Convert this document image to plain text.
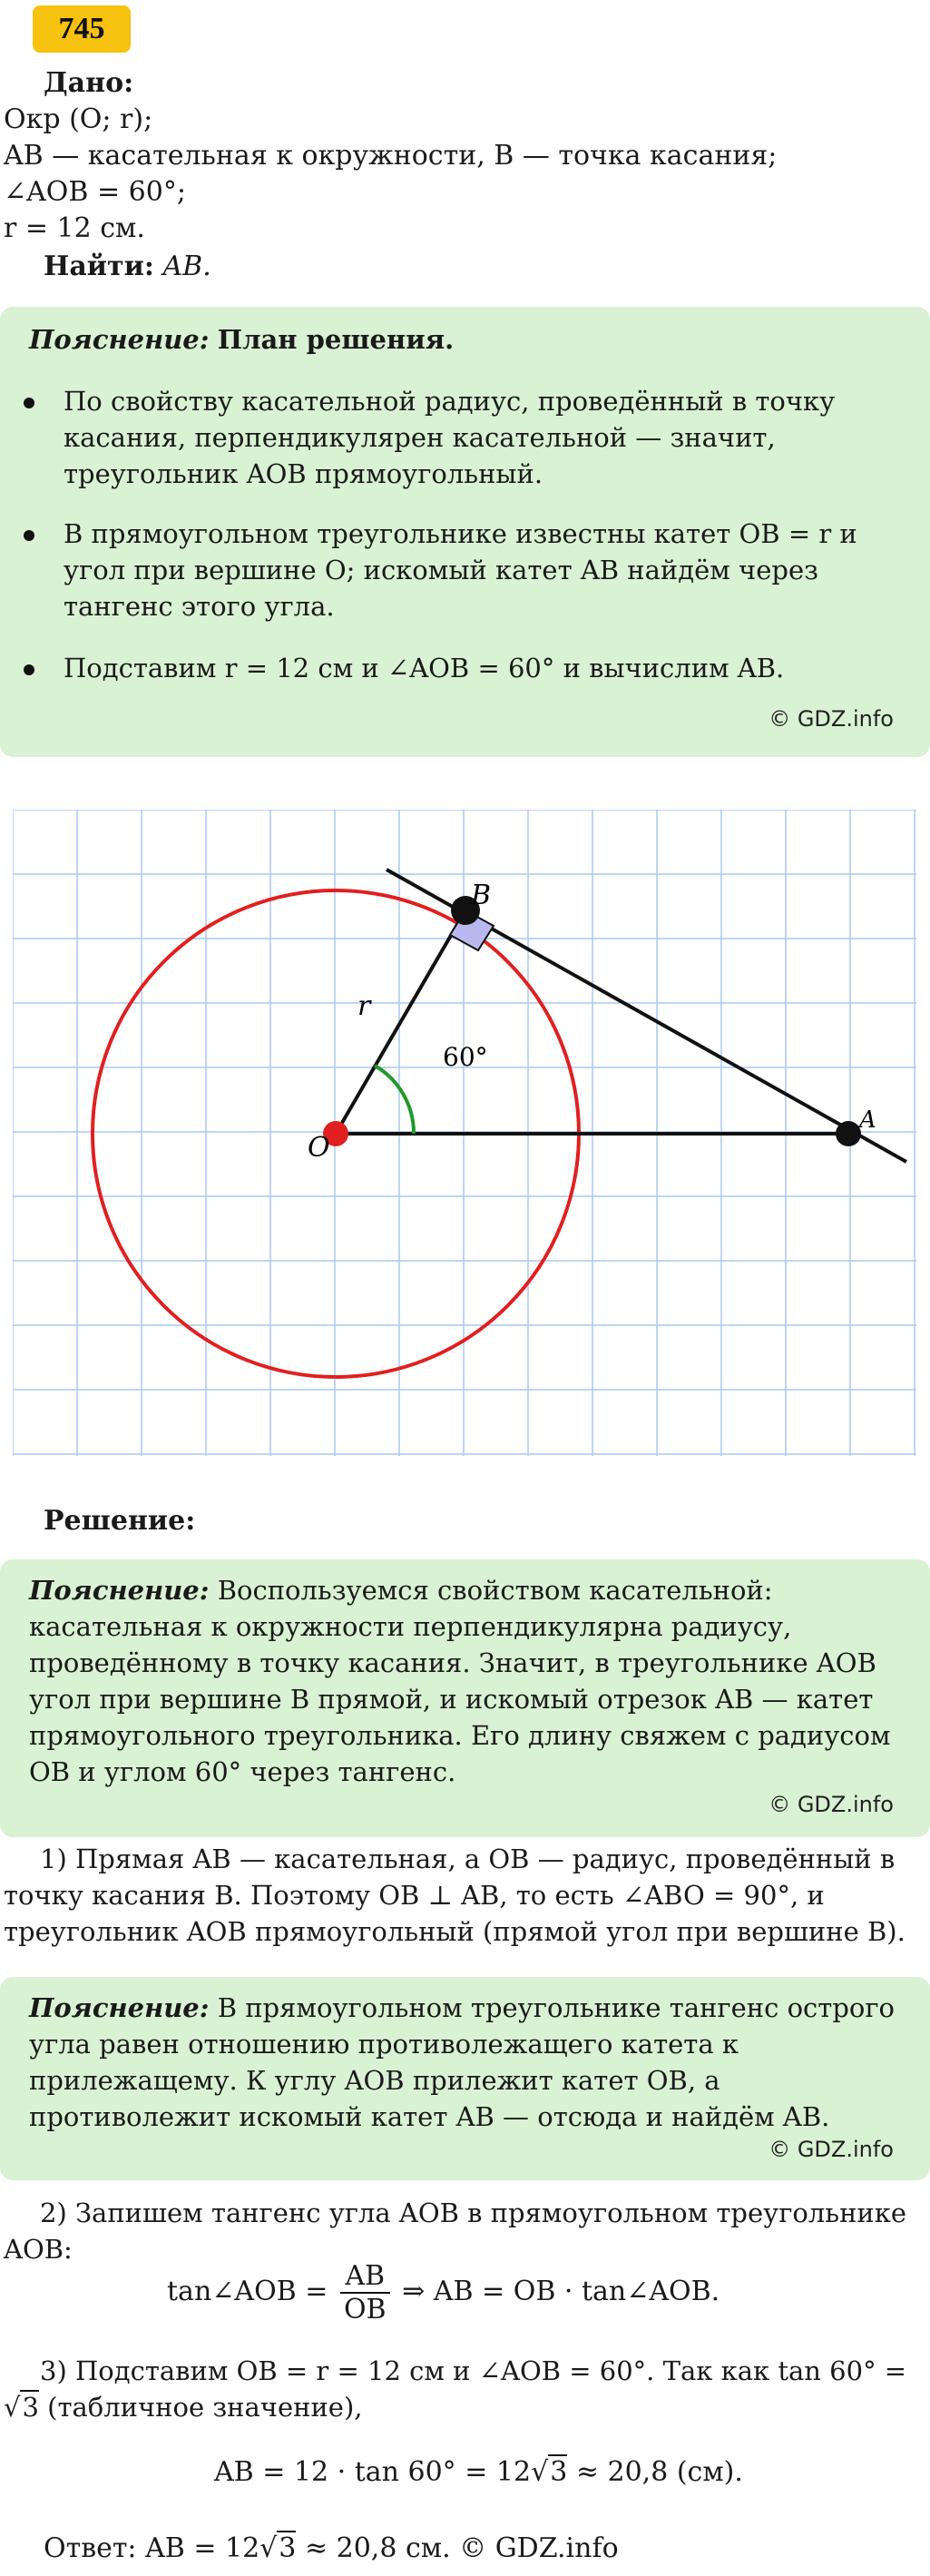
745
Дано:
Окр (O; r);
AB — касательная к окружности, B — точка касания;
∠AOB = 60°;
r = 12 см.
Найти: AB.
Пояснение: План решения.
По свойству касательной радиус, проведённый в точку касания, перпендикулярен касательной — значит, треугольник AOB прямоугольный.
В прямоугольном треугольнике известны катет OB = r и угол при вершине O; искомый катет AB найдём через тангенс этого угла.
Подставим r = 12 см и ∠AOB = 60° и вычислим AB.
© GDZ.info
B
O
A
r
60°
Решение:
Пояснение: Воспользуемся свойством касательной: касательная к окружности перпендикулярна радиусу, проведённому в точку касания. Значит, в треугольнике AOB угол при вершине B прямой, и искомый отрезок AB — катет прямоугольного треугольника. Его длину свяжем с радиусом OB и углом 60° через тангенс.
© GDZ.info
1) Прямая AB — касательная, а OB — радиус, проведённый в точку касания B. Поэтому OB ⊥ AB, то есть ∠ABO = 90°, и треугольник AOB прямоугольный (прямой угол при вершине B).
Пояснение: В прямоугольном треугольнике тангенс острого угла равен отношению противолежащего катета к прилежащему. К углу AOB прилежит катет OB, а противолежит искомый катет AB — отсюда и найдём AB.
© GDZ.info
2) Запишем тангенс угла AOB в прямоугольном треугольнике AOB:
tan∠AOB = $\frac{AB}{OB}$ ⇒ AB = OB · tan∠AOB.
3) Подставим OB = r = 12 см и ∠AOB = 60°. Так как tan 60° =
√3 (табличное значение),
AB = 12 · tan 60° = 12√3 ≈ 20,8 (см).
Ответ: AB = 12√3 ≈ 20,8 см. © GDZ.info
